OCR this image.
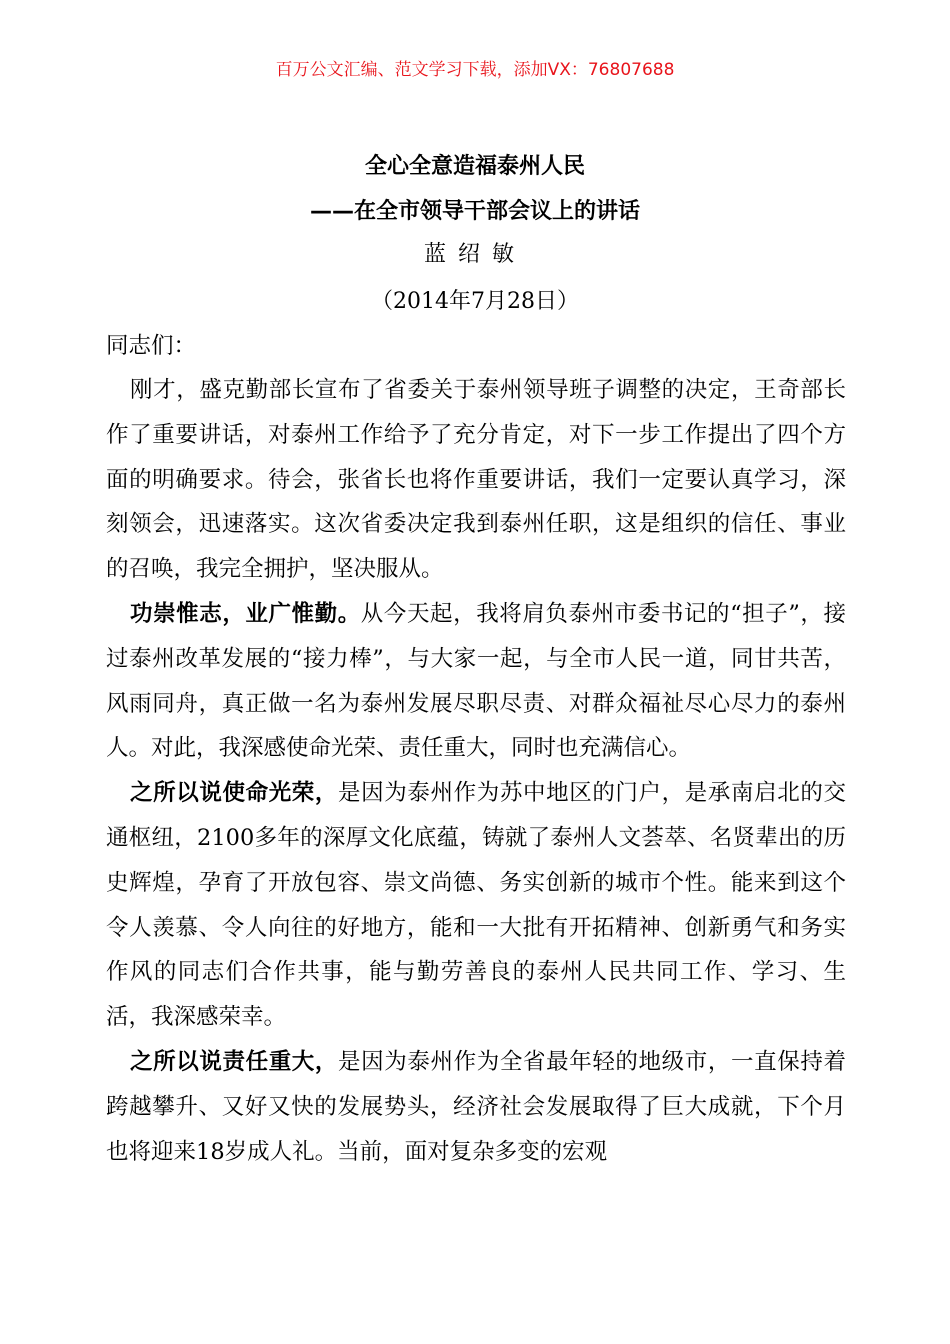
百万公文汇编、范文学习下载，添加VX：76807688
全心全意造福泰州人民
——在全市领导干部会议上的讲话
蓝绍敏
（2014年7月28日）
同志们：

刚才，盛克勤部长宣布了省委关于泰州领导班子调整的决定，王奇部长作了重要讲话，对泰州工作给予了充分肯定，对下一步工作提出了四个方面的明确要求。待会，张省长也将作重要讲话，我们一定要认真学习，深刻领会，迅速落实。这次省委决定我到泰州任职，这是组织的信任、事业的召唤，我完全拥护，坚决服从。

功崇惟志，业广惟勤。从今天起，我将肩负泰州市委书记的“担子”，接过泰州改革发展的“接力棒”，与大家一起，与全市人民一道，同甘共苦，风雨同舟，真正做一名为泰州发展尽职尽责、对群众福祉尽心尽力的泰州人。对此，我深感使命光荣、责任重大，同时也充满信心。

之所以说使命光荣，是因为泰州作为苏中地区的门户，是承南启北的交通枢纽，2100多年的深厚文化底蕴，铸就了泰州人文荟萃、名贤辈出的历史辉煌，孕育了开放包容、崇文尚德、务实创新的城市个性。能来到这个令人羡慕、令人向往的好地方，能和一大批有开拓精神、创新勇气和务实作风的同志们合作共事，能与勤劳善良的泰州人民共同工作、学习、生活，我深感荣幸。

之所以说责任重大，是因为泰州作为全省最年轻的地级市，一直保持着跨越攀升、又好又快的发展势头，经济社会发展取得了巨大成就，下个月也将迎来18岁成人礼。当前，面对复杂多变的宏观
